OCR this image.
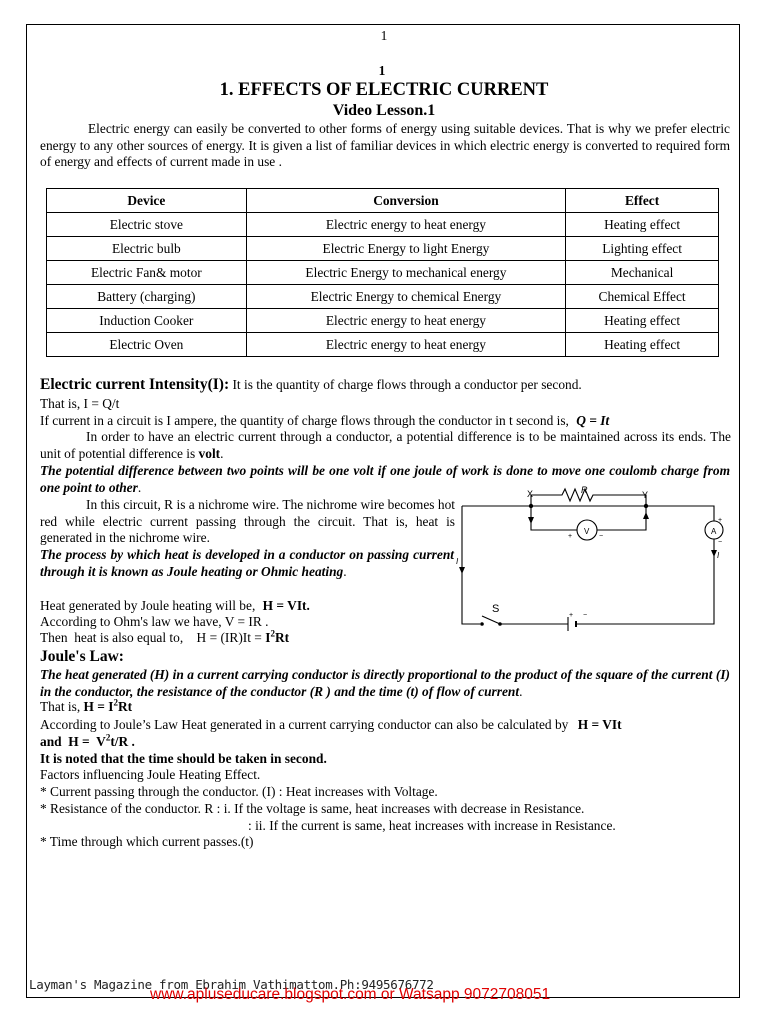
1
1
1. EFFECTS OF ELECTRIC CURRENT
Video Lesson.1
Electric energy can easily be converted to other forms of energy using suitable devices. That is why we prefer electric energy to any other sources of energy. It is given a list of familiar devices in which electric energy is converted to required form of energy and effects of current made in use .
Device	Conversion	Effect
Electric stove	Electric energy to heat energy	Heating effect
Electric bulb	Electric Energy to light Energy	Lighting effect
Electric Fan& motor	Electric Energy to mechanical energy	Mechanical
Battery (charging)	Electric Energy to chemical Energy	Chemical Effect
Induction Cooker	Electric energy to heat energy	Heating effect
Electric Oven	Electric energy to heat energy	Heating effect
Electric current Intensity(I): It is the quantity of charge flows through a conductor per second.
That is, I = Q/t
If current in a circuit is I ampere, the quantity of charge flows through the conductor in t second is, Q = It
In order to have an electric current through a conductor, a potential difference is to be maintained across its ends. The unit of potential difference is volt.
The potential difference between two points will be one volt if one joule of work is done to move one coulomb charge from one point to other.
In this circuit, R is a nichrome wire. The nichrome wire becomes hot red while electric current passing through the circuit. That is, heat is generated in the nichrome wire.
The process by which heat is developed in a conductor on passing current through it is known as Joule heating or Ohmic heating.
Heat generated by Joule heating will be, H = VIt.
According to Ohm's law we have, V = IR .
Then  heat is also equal to,    $H = (IR)It = I^2Rt$
X	R	Y
V	A
S
I
I
+	−
+
−
+ −
Joule's Law:
The heat generated (H) in a current carrying conductor is directly proportional to the product of the square of the current (I) in the conductor, the resistance of the conductor (R ) and the time (t) of flow of current.
That is, $H = I^2Rt$
According to Joule’s Law Heat generated in a current carrying conductor can also be calculated by H = VIt
and $H = V^2t/R$ .
It is noted that the time should be taken in second.
Factors influencing Joule Heating Effect.
* Current passing through the conductor. (I) : Heat increases with Voltage.
* Resistance of the conductor. R : i. If the voltage is same, heat increases with decrease in Resistance.
: ii. If the current is same, heat increases with increase in Resistance.
* Time through which current passes.(t)
Layman's Magazine from Ebrahim Vathimattom.Ph:9495676772
www.apluseducare.blogspot.com or Watsapp 9072708051
